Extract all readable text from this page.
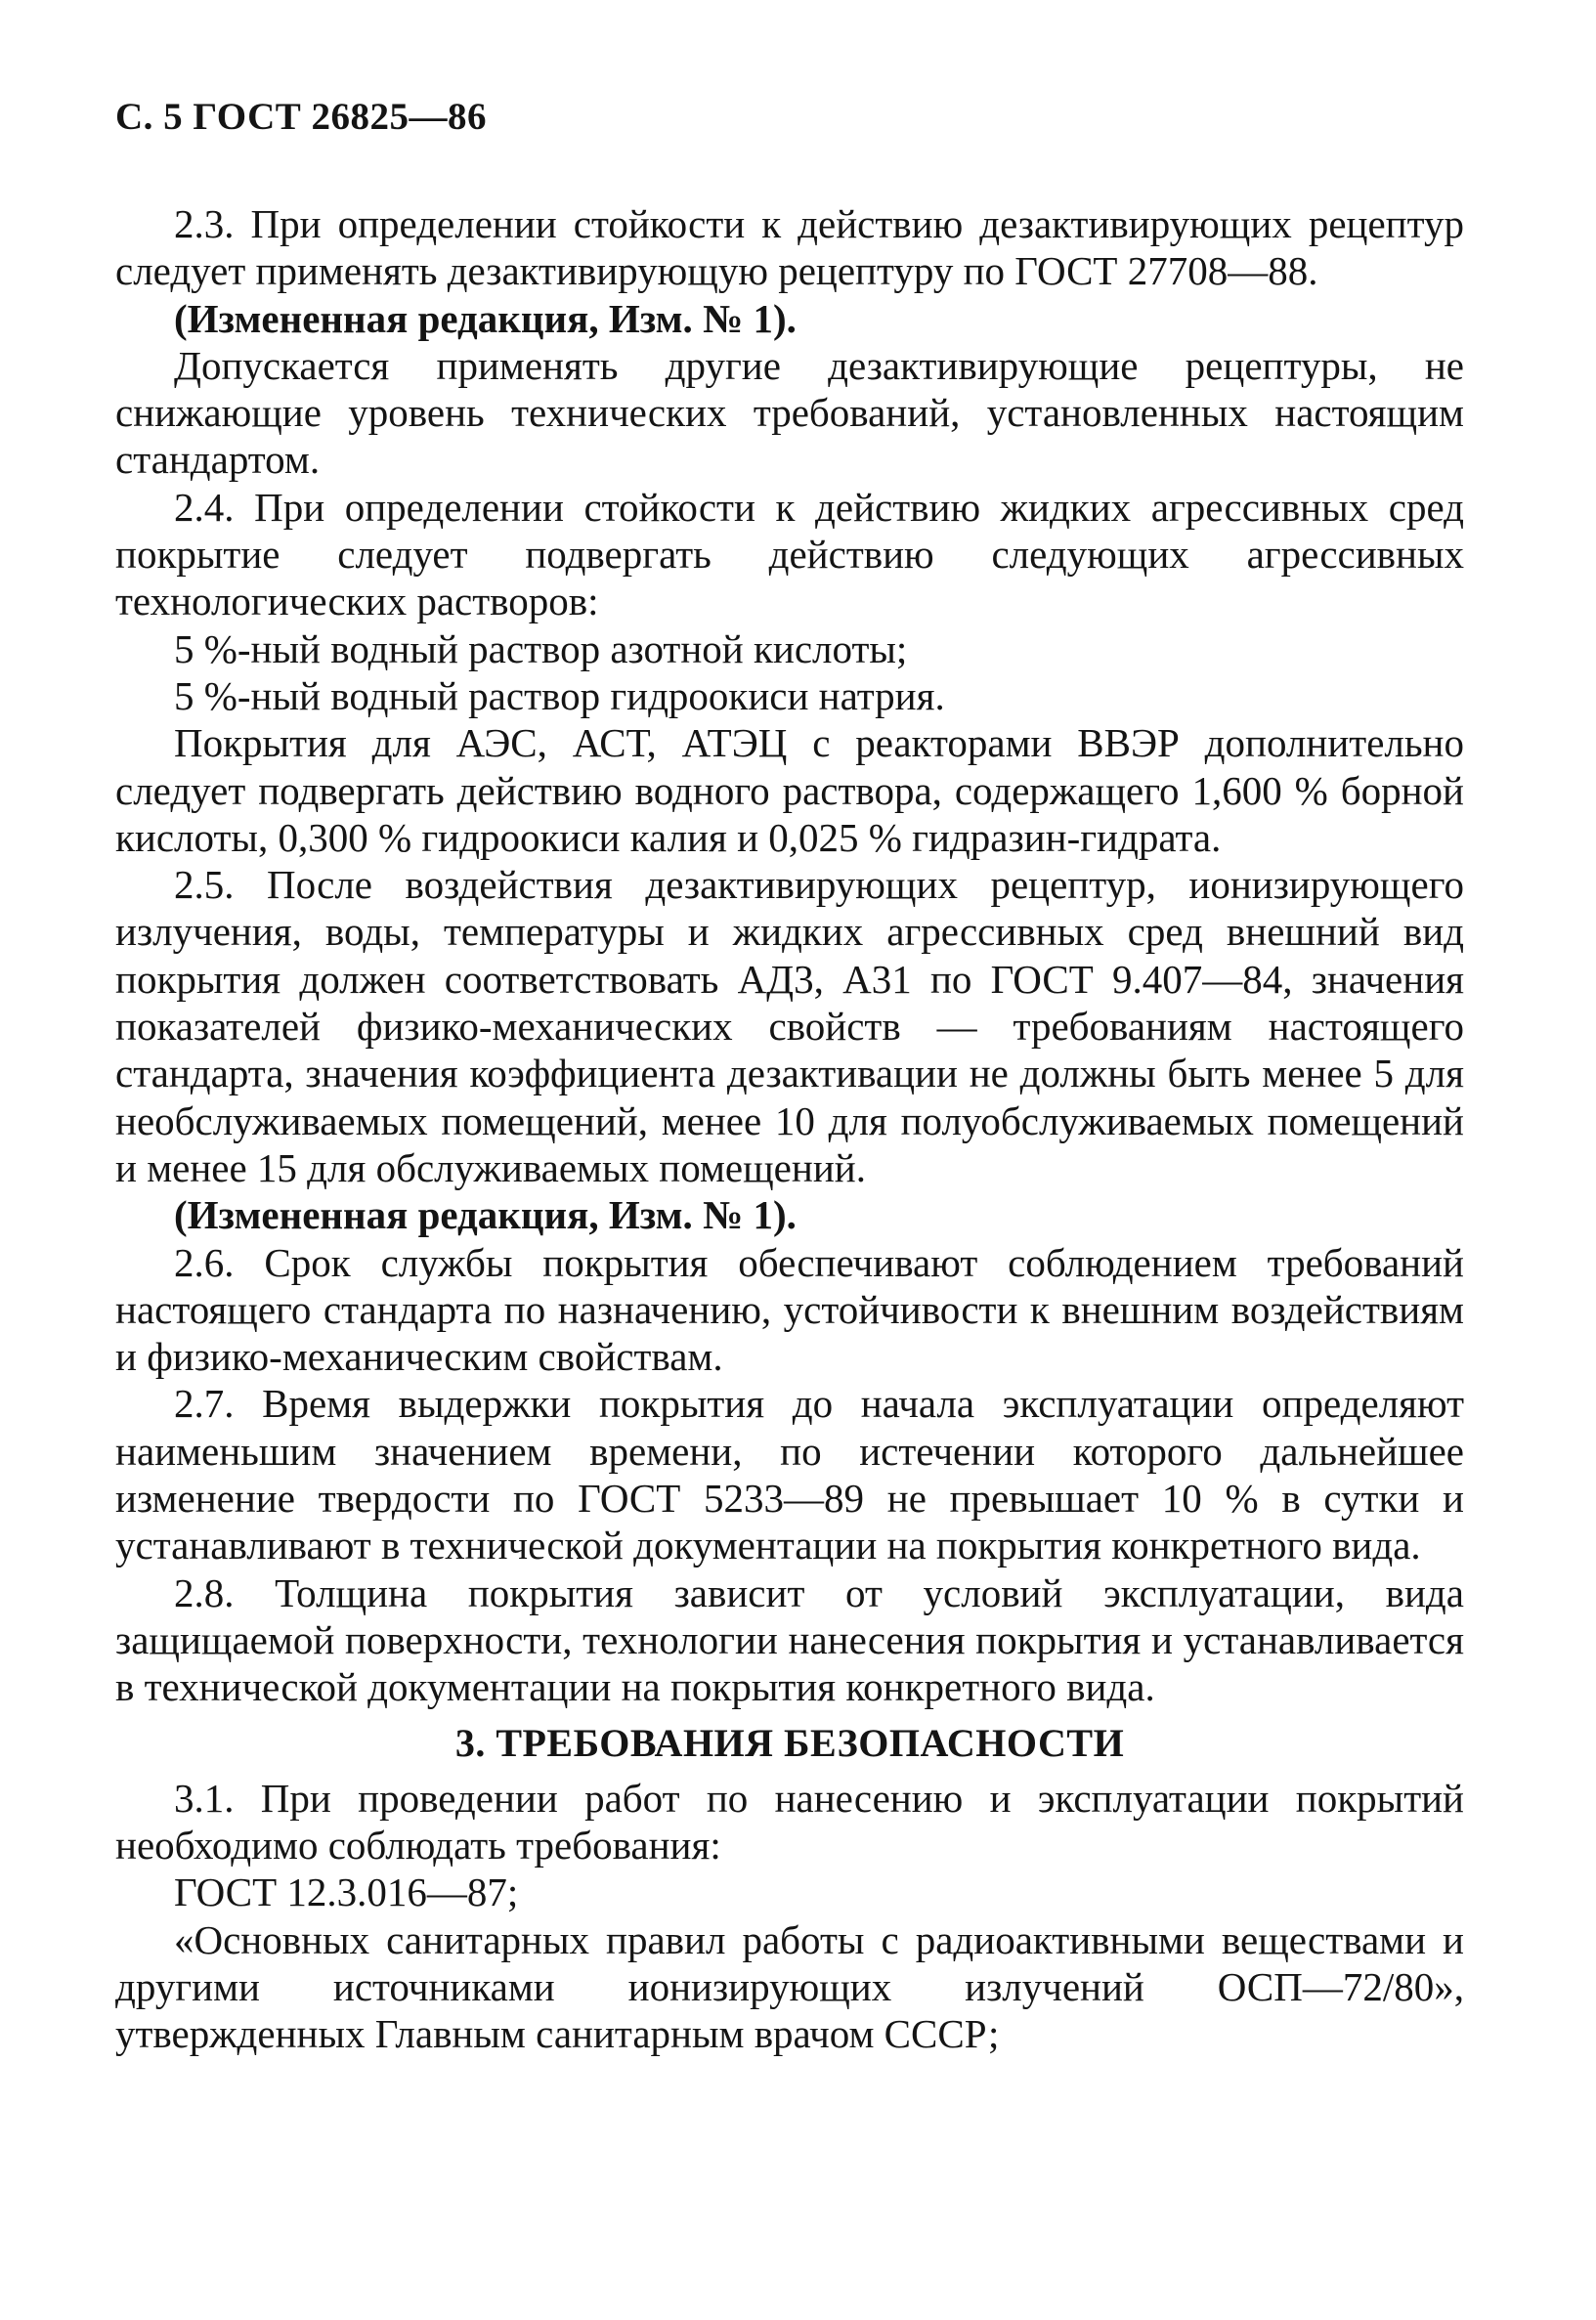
С. 5 ГОСТ 26825—86

2.3. При определении стойкости к действию дезактивирующих рецептур следует применять дезактивирующую рецептуру по ГОСТ 27708—88.

(Измененная редакция, Изм. № 1).

Допускается применять другие дезактивирующие рецептуры, не снижающие уровень технических требований, установленных настоящим стандартом.

2.4. При определении стойкости к действию жидких агрессивных сред покрытие следует подвергать действию следующих агрессивных технологических растворов:

5 %-ный водный раствор азотной кислоты;

5 %-ный водный раствор гидроокиси натрия.

Покрытия для АЭС, АСТ, АТЭЦ с реакторами ВВЭР дополнительно следует подвергать действию водного раствора, содержащего 1,600 % борной кислоты, 0,300 % гидроокиси калия и 0,025 % гидразин-гидрата.

2.5. После воздействия дезактивирующих рецептур, ионизирующего излучения, воды, температуры и жидких агрессивных сред внешний вид покрытия должен соответствовать АД3, А31 по ГОСТ 9.407—84, значения показателей физико-механических свойств — требованиям настоящего стандарта, значения коэффициента дезактивации не должны быть менее 5 для необслуживаемых помещений, менее 10 для полуобслуживаемых помещений и менее 15 для обслуживаемых помещений.

(Измененная редакция, Изм. № 1).

2.6. Срок службы покрытия обеспечивают соблюдением требований настоящего стандарта по назначению, устойчивости к внешним воздействиям и физико-механическим свойствам.

2.7. Время выдержки покрытия до начала эксплуатации определяют наименьшим значением времени, по истечении которого дальнейшее изменение твердости по ГОСТ 5233—89 не превышает 10 % в сутки и устанавливают в технической документации на покрытия конкретного вида.

2.8. Толщина покрытия зависит от условий эксплуатации, вида защищаемой поверхности, технологии нанесения покрытия и устанавливается в технической документации на покрытия конкретного вида.

3. ТРЕБОВАНИЯ БЕЗОПАСНОСТИ

3.1. При проведении работ по нанесению и эксплуатации покрытий необходимо соблюдать требования:

ГОСТ 12.3.016—87;

«Основных санитарных правил работы с радиоактивными веществами и другими источниками ионизирующих излучений ОСП—72/80», утвержденных Главным санитарным врачом СССР;
